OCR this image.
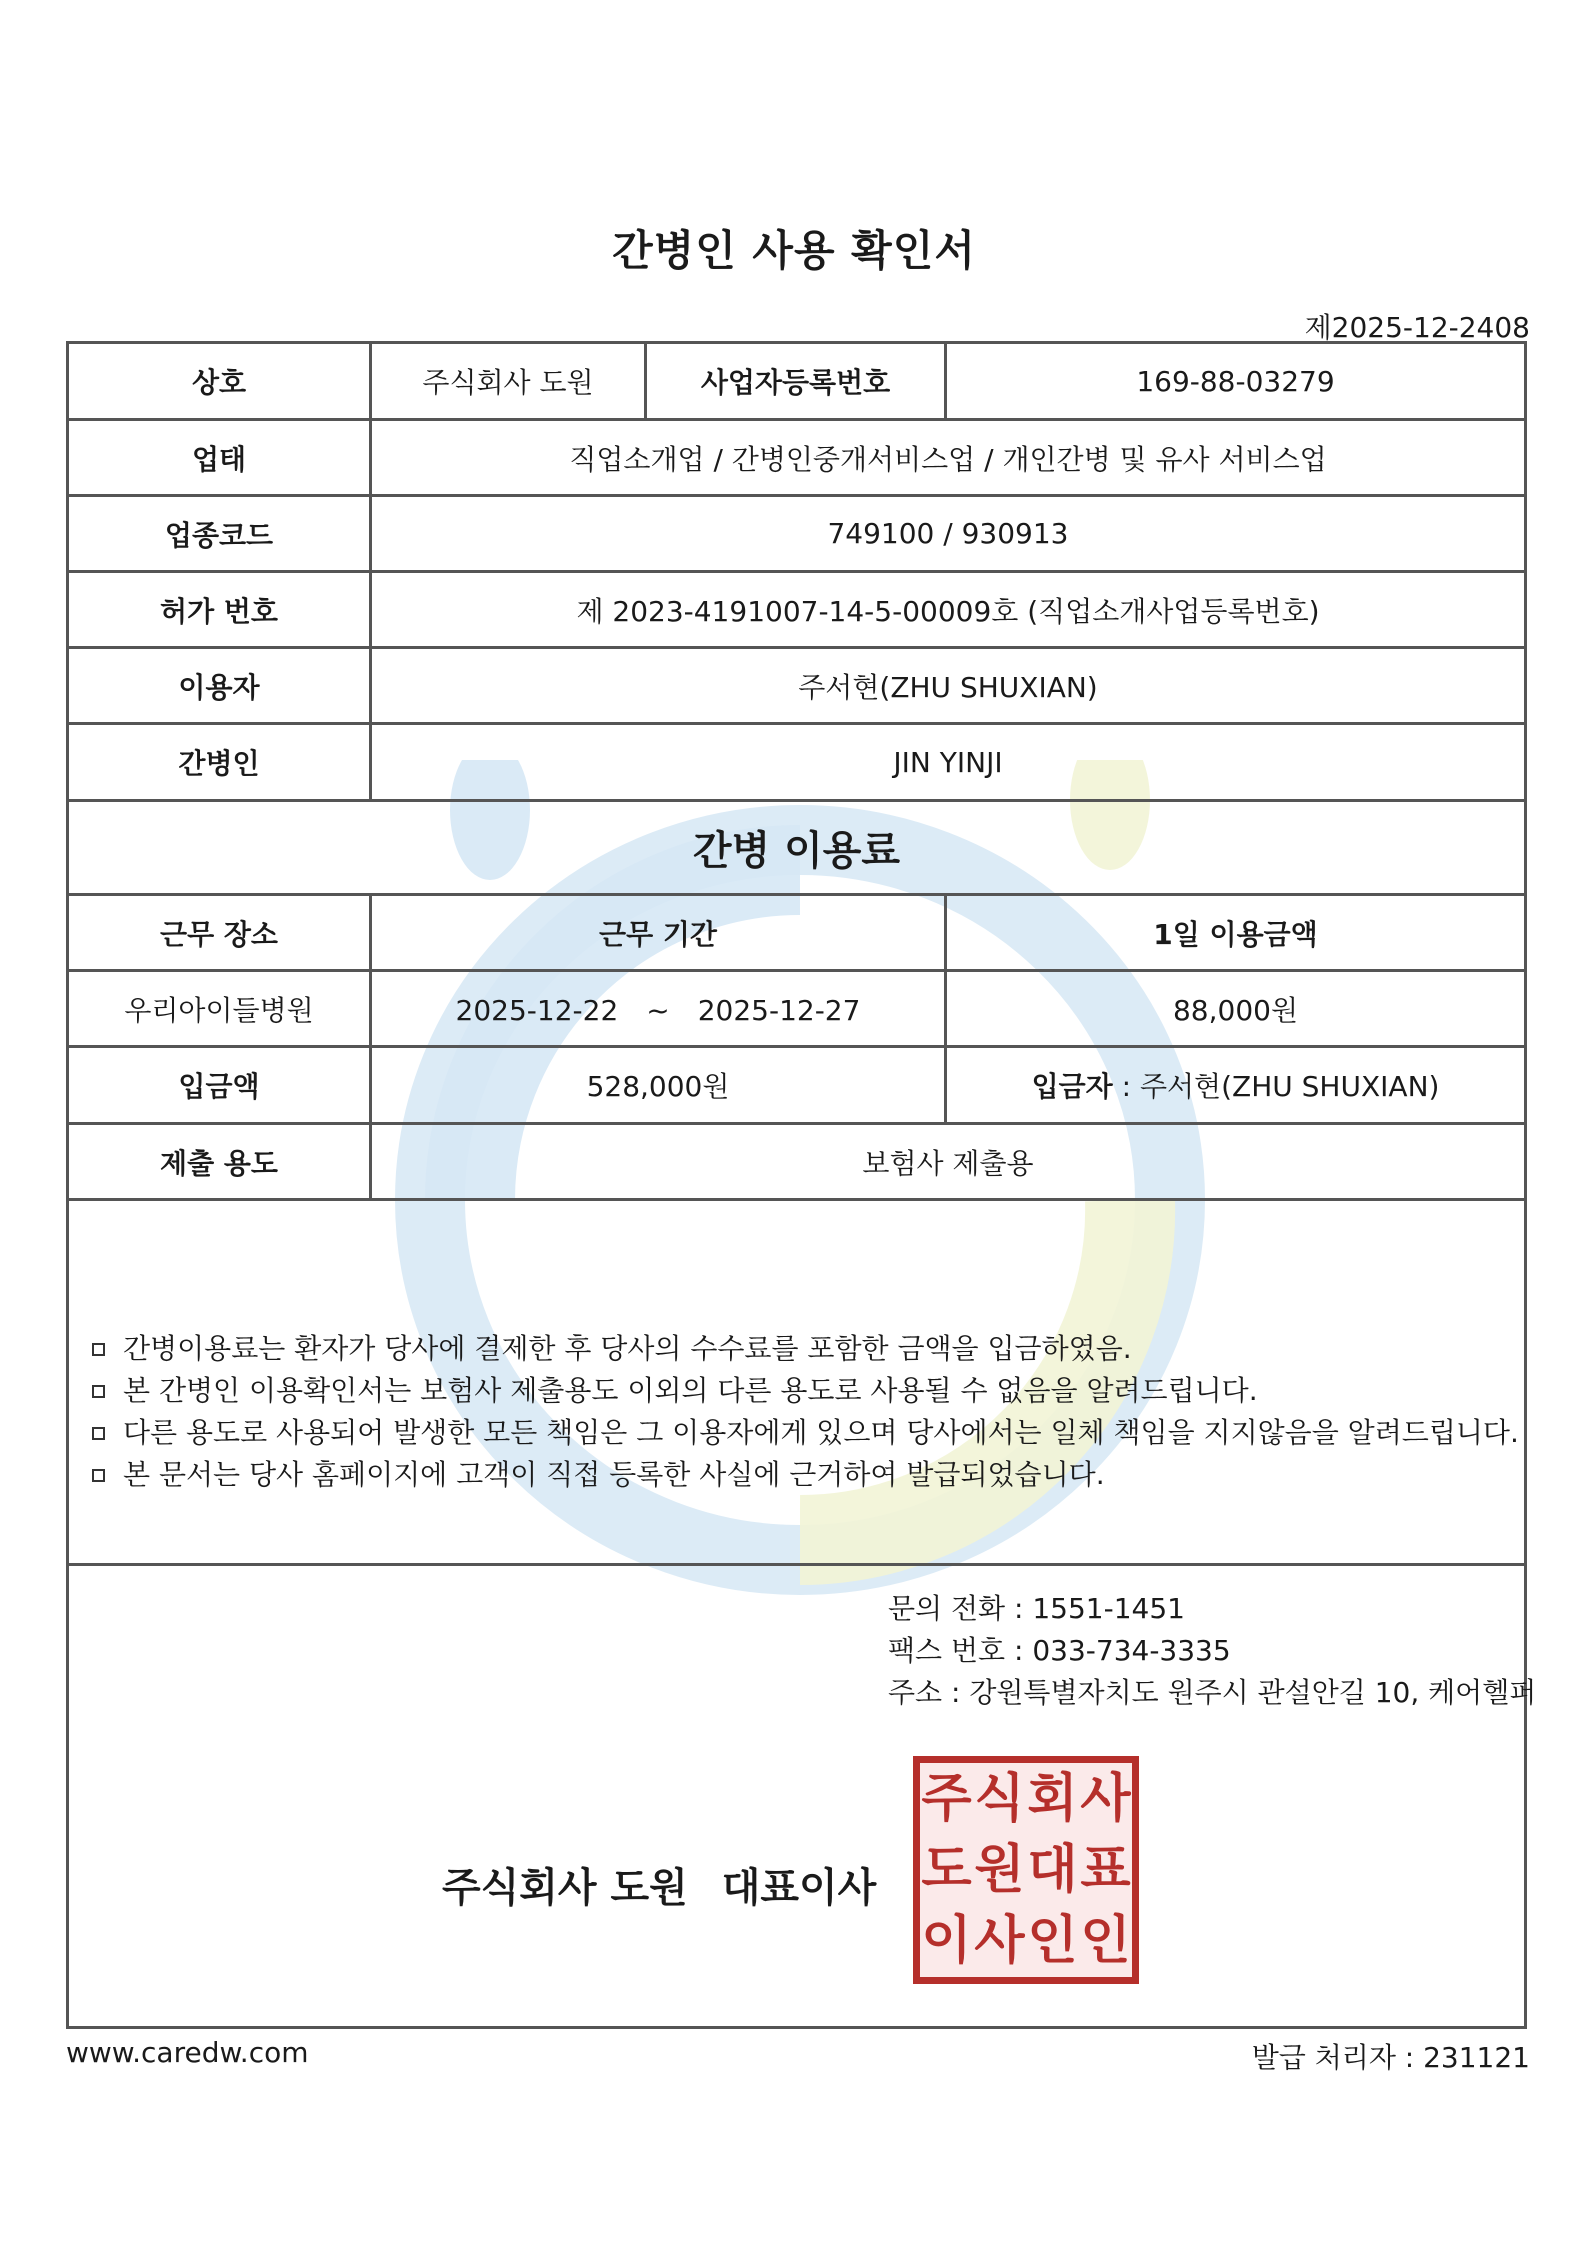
간병인 사용 확인서
제2025-12-2408
상호	주식회사 도원	사업자등록번호	169-88-03279
업태	직업소개업 / 간병인중개서비스업 / 개인간병 및 유사 서비스업
업종코드	749100 / 930913
허가 번호	제 2023-4191007-14-5-00009호 (직업소개사업등록번호)
이용자	주서현(ZHU SHUXIAN)
간병인	JIN YINJI
간병 이용료
근무 장소	근무 기간	1일 이용금액
우리아이들병원	2025-12-22　~　2025-12-27	88,000원
입금액	528,000원	입금자 : 주서현(ZHU SHUXIAN)
제출 용도	보험사 제출용
간병이용료는 환자가 당사에 결제한 후 당사의 수수료를 포함한 금액을 입금하였음.
본 간병인 이용확인서는 보험사 제출용도 이외의 다른 용도로 사용될 수 없음을 알려드립니다.
다른 용도로 사용되어 발생한 모든 책임은 그 이용자에게 있으며 당사에서는 일체 책임을 지지않음을 알려드립니다.
본 문서는 당사 홈페이지에 고객이 직접 등록한 사실에 근거하여 발급되었습니다.
문의 전화 : 1551-1451
팩스 번호 : 033-734-3335
주소 : 강원특별자치도 원주시 관설안길 10, 케어헬퍼
주식회사 도원 대표이사
주 식 회 사
도 원 대 표
이 사 인 인
www.caredw.com	발급 처리자 : 231121
